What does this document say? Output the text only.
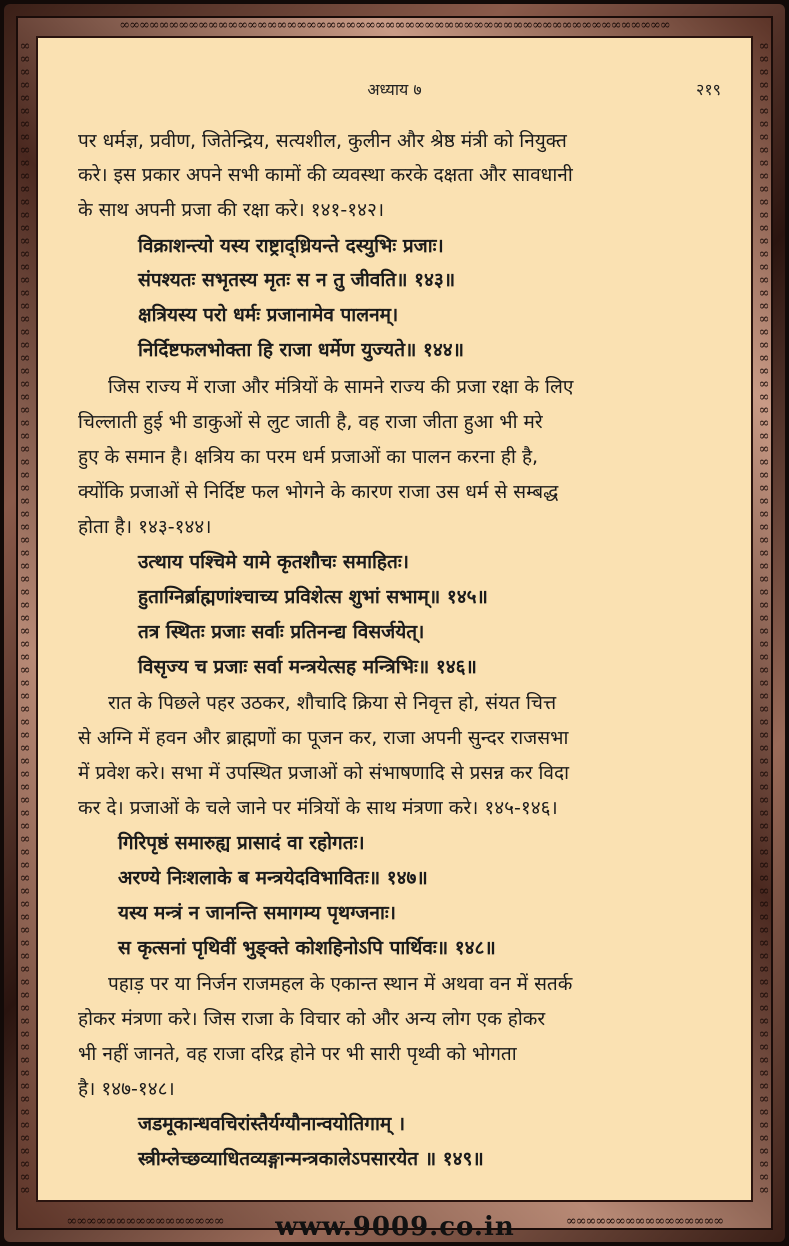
∞∞∞∞∞∞∞∞∞∞∞∞∞∞∞∞∞∞∞∞∞∞∞∞∞∞∞∞∞∞∞∞∞∞∞∞∞∞∞∞∞∞∞∞∞∞∞∞∞∞∞∞∞∞∞∞
∞∞∞∞∞∞∞∞∞∞∞∞∞∞∞∞	∞∞∞∞∞∞∞∞∞∞∞∞∞∞∞∞
∞
∞
∞
∞
∞
∞
∞
∞
∞
∞
∞
∞
∞
∞
∞
∞
∞
∞
∞
∞
∞
∞
∞
∞
∞
∞
∞
∞
∞
∞
∞
∞
∞
∞
∞
∞
∞
∞
∞
∞
∞
∞
∞
∞
∞
∞
∞
∞
∞
∞
∞
∞
∞
∞
∞
∞
∞
∞
∞
∞
∞
∞
∞
∞
∞
∞
∞
∞
∞
∞
∞
∞
∞
∞
∞
∞
∞
∞
∞
∞
∞
∞
∞
∞
∞
∞
∞
∞
∞
∞
∞
∞
∞
∞
∞
∞
∞
∞
∞
∞
∞
∞
∞
∞
∞
∞
∞
∞
∞
∞
∞
∞
∞
∞
∞
∞
∞
∞
∞
∞
∞
∞
∞
∞
∞
∞
∞
∞
∞
∞
∞
∞
∞
∞
∞
∞
∞
∞
∞
∞
∞
∞
∞
∞
∞
∞
∞
∞
∞
∞
∞
∞
∞
∞
∞
∞
∞
∞
∞
∞
∞
∞
∞
∞
∞
∞
∞
∞
∞
∞
∞
∞
∞
∞
∞
∞
∞
∞
अध्याय ७	२१९
पर धर्मज्ञ, प्रवीण, जितेन्द्रिय, सत्यशील, कुलीन और श्रेष्ठ मंत्री को नियुक्त
करे। इस प्रकार अपने सभी कामों की व्यवस्था करके दक्षता और सावधानी
के साथ अपनी प्रजा की रक्षा करे। १४१-१४२।
विक्राशन्त्यो यस्य राष्ट्राद्ध्रियन्ते दस्युभिः प्रजाः।
संपश्यतः सभृतस्य मृतः स न तु जीवति॥ १४३॥
क्षत्रियस्य परो धर्मः प्रजानामेव पालनम्।
निर्दिष्टफलभोक्ता हि राजा धर्मेण युज्यते॥ १४४॥
जिस राज्य में राजा और मंत्रियों के सामने राज्य की प्रजा रक्षा के लिए
चिल्लाती हुई भी डाकुओं से लुट जाती है, वह राजा जीता हुआ भी मरे
हुए के समान है। क्षत्रिय का परम धर्म प्रजाओं का पालन करना ही है,
क्योंकि प्रजाओं से निर्दिष्ट फल भोगने के कारण राजा उस धर्म से सम्बद्ध
होता है। १४३-१४४।
उत्थाय पश्चिमे यामे कृतशौचः समाहितः।
हुताग्निर्ब्राह्मणांश्चाच्य प्रविशेत्स शुभां सभाम्॥ १४५॥
तत्र स्थितः प्रजाः सर्वाः प्रतिनन्द्य विसर्जयेत्।
विसृज्य च प्रजाः सर्वा मन्त्रयेत्सह मन्त्रिभिः॥ १४६॥
रात के पिछले पहर उठकर, शौचादि क्रिया से निवृत्त हो, संयत चित्त
से अग्नि में हवन और ब्राह्मणों का पूजन कर, राजा अपनी सुन्दर राजसभा
में प्रवेश करे। सभा में उपस्थित प्रजाओं को संभाषणादि से प्रसन्न कर विदा
कर दे। प्रजाओं के चले जाने पर मंत्रियों के साथ मंत्रणा करे। १४५-१४६।
गिरिपृष्ठं समारुह्य प्रासादं वा रहोगतः।
अरण्ये निःशलाके ब मन्त्रयेदविभावितः॥ १४७॥
यस्य मन्त्रं न जानन्ति समागम्य पृथग्जनाः।
स कृत्सनां पृथिवीं भुङ्क्ते कोशहिनोऽपि पार्थिवः॥ १४८॥
पहाड़ पर या निर्जन राजमहल के एकान्त स्थान में अथवा वन में सतर्क
होकर मंत्रणा करे। जिस राजा के विचार को और अन्य लोग एक होकर
भी नहीं जानते, वह राजा दरिद्र होने पर भी सारी पृथ्वी को भोगता
है। १४७-१४८।
जडमूकान्धवचिरांस्तैर्यग्यौनान्वयोतिगाम् ।
स्त्रीम्लेच्छव्याधितव्यङ्गान्मन्त्रकालेऽपसारयेत ॥ १४९॥
www.9009.co.in
